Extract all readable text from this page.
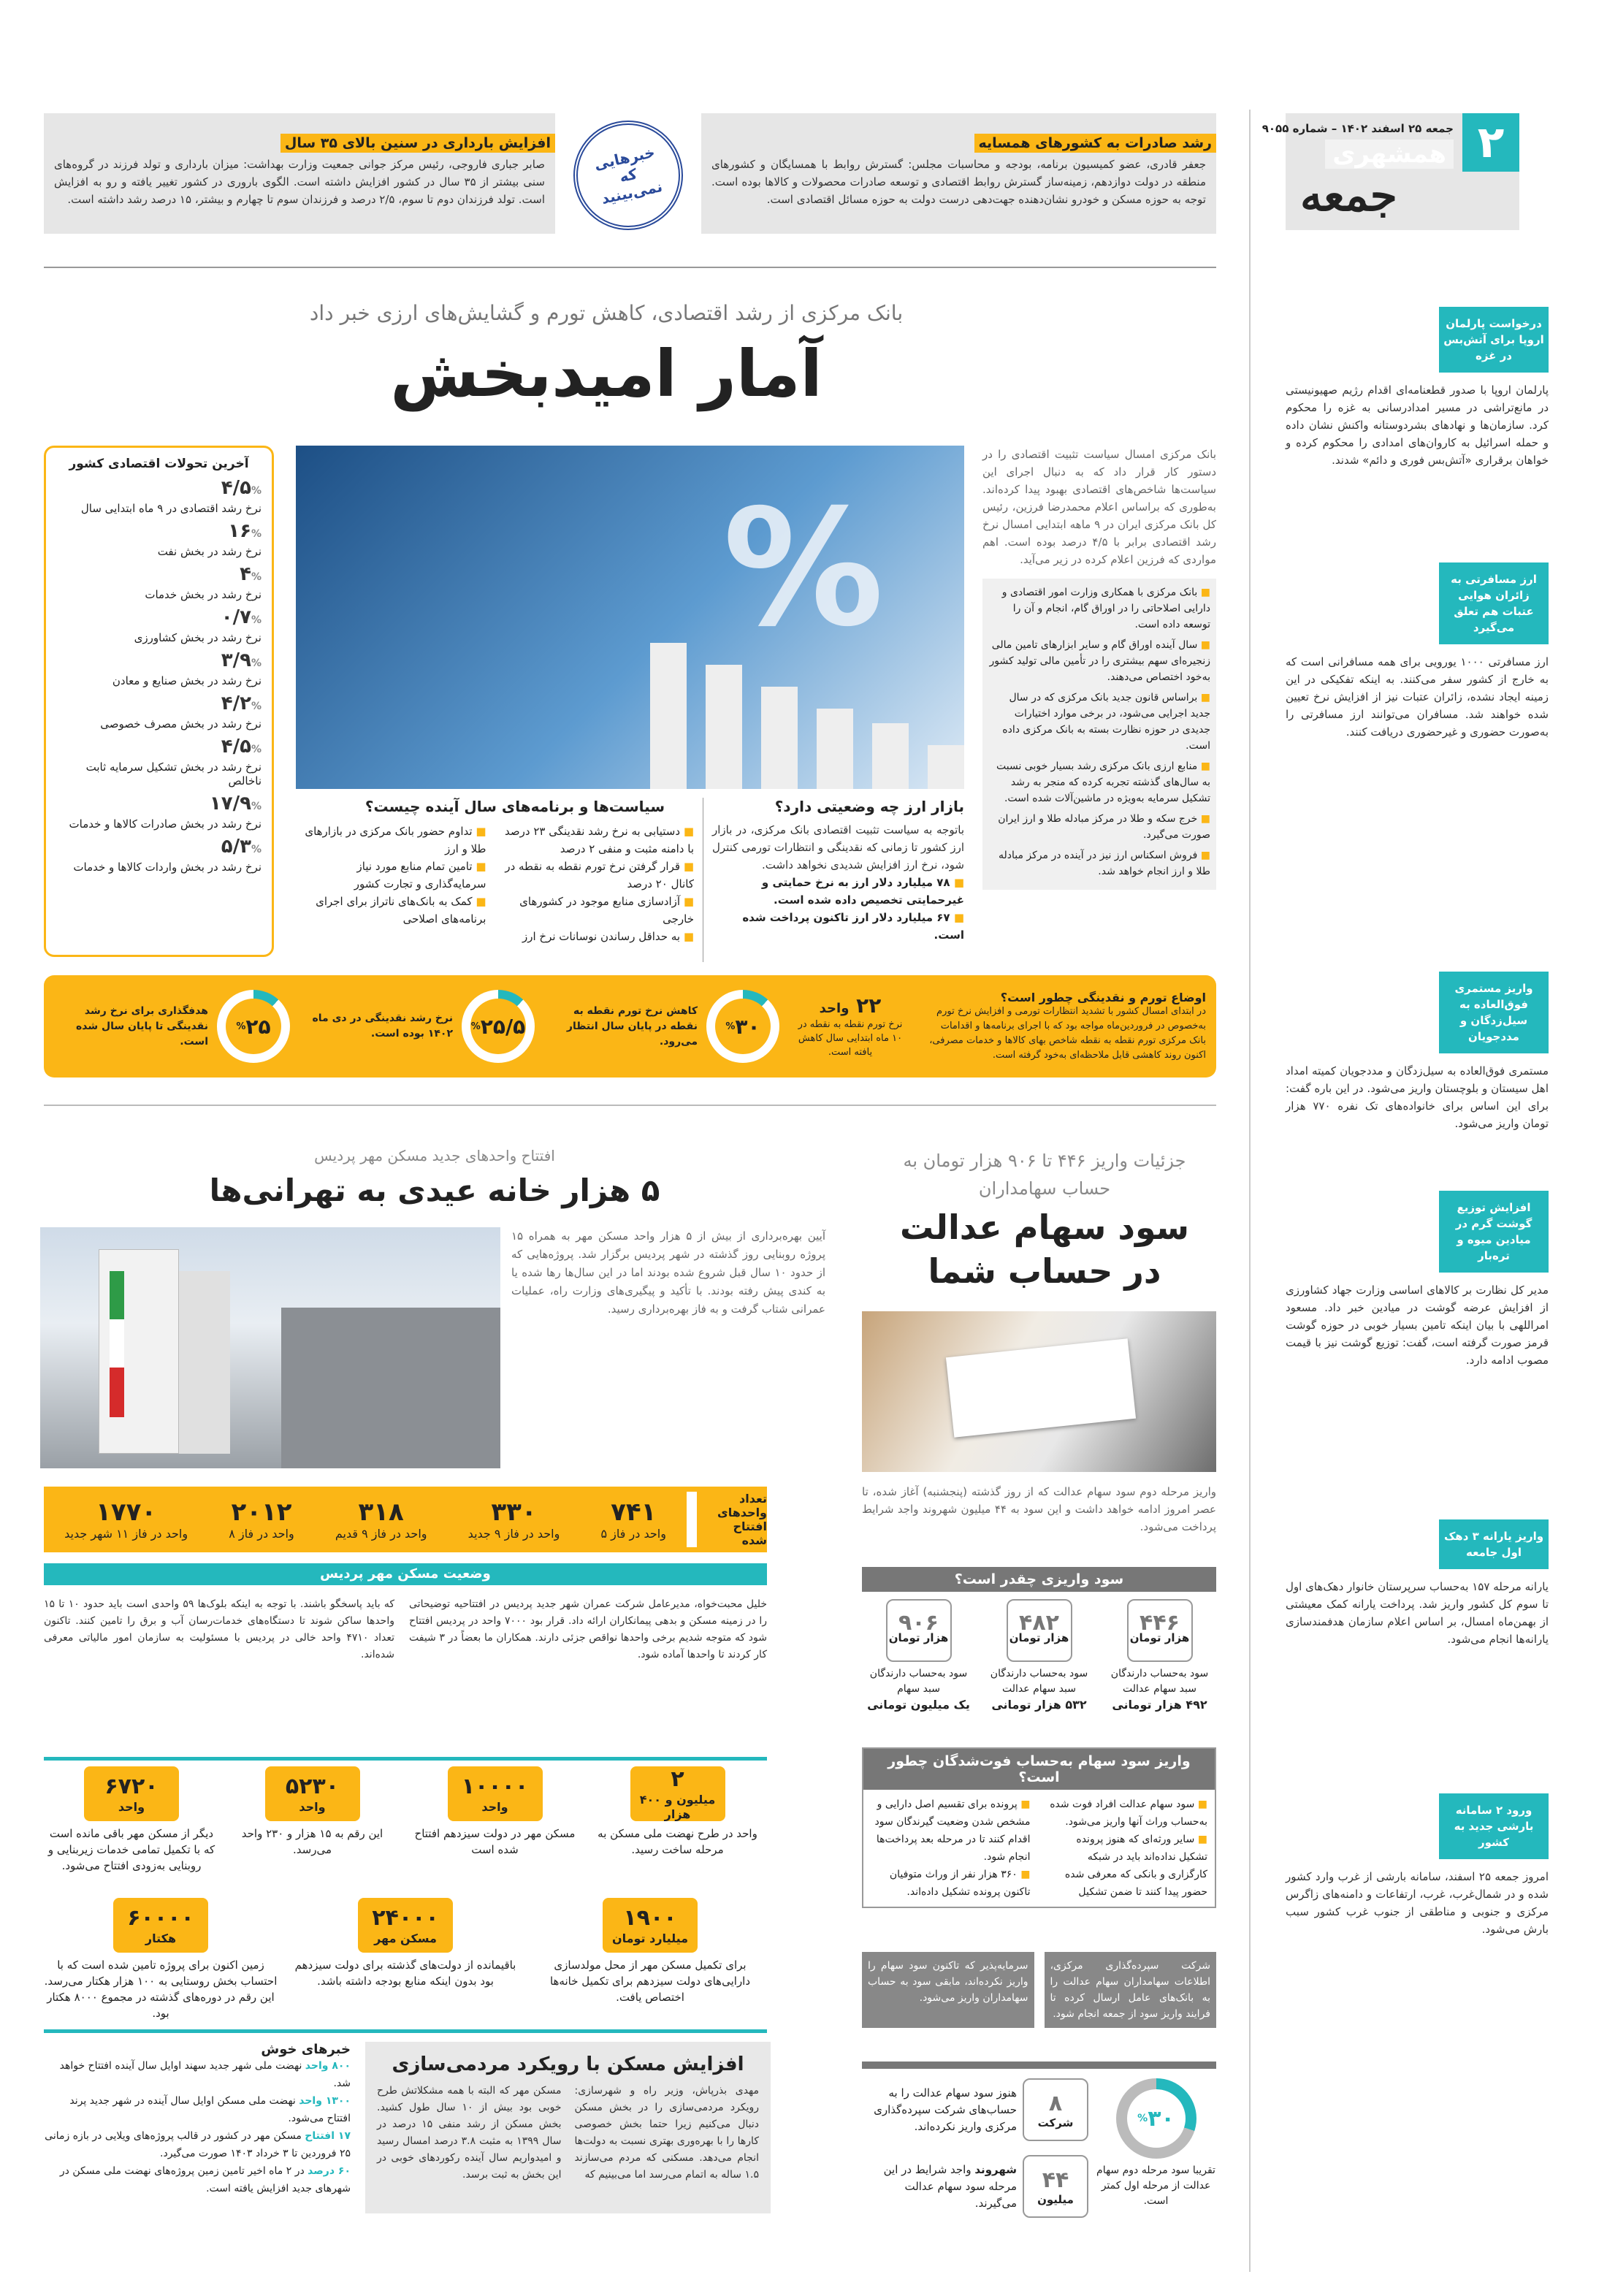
۲
جمعه ۲۵ اسفند ۱۴۰۲ – شماره ۹۰۵۵
همشهری
جمعه
رشد صادرات به کشورهای همسایه
جعفر قادری، عضو کمیسیون برنامه، بودجه و محاسبات مجلس: گسترش روابط با همسایگان و کشورهای منطقه در دولت دوازدهم، زمینه‌ساز گسترش روابط اقتصادی و توسعه صادرات محصولات و کالاها بوده است. توجه به حوزه مسکن و خودرو نشان‌دهنده جهت‌دهی درست دولت به حوزه مسائل اقتصادی است.
افزایش بارداری در سنین بالای ۳۵ سال
صابر جباری فاروجی، رئیس مرکز جوانی جمعیت وزارت بهداشت: میزان بارداری و تولد فرزند در گروه‌های سنی بیشتر از ۳۵ سال در کشور افزایش داشته است. الگوی باروری در کشور تغییر یافته و رو به افزایش است. تولد فرزندان دوم تا سوم، ۲/۵ درصد و فرزندان سوم تا چهارم و بیشتر، ۱۵ درصد رشد داشته است.
خبرهایی که نمی‌بینید
بانک مرکزی از رشد اقتصادی، کاهش تورم و گشایش‌های ارزی خبر داد
آمار امیدبخش
آخرین تحولات اقتصادی کشور
۴/۵%
نرخ رشد اقتصادی در ۹ ماه ابتدایی سال
۱۶%
نرخ رشد در بخش نفت
۴%
نرخ رشد در بخش خدمات
۰/۷%
نرخ رشد در بخش کشاورزی
۳/۹%
نرخ رشد در بخش صنایع و معادن
۴/۲%
نرخ رشد در بخش مصرف خصوصی
۴/۵%
نرخ رشد در بخش تشکیل سرمایه ثابت ناخالص
۱۷/۹%
نرخ رشد در بخش صادرات کالاها و خدمات
۵/۳%
نرخ رشد در بخش واردات کالاها و خدمات
%
بانک مرکزی امسال سیاست تثبیت اقتصادی را در دستور کار قرار داد که به دنبال اجرای این سیاست‌ها شاخص‌های اقتصادی بهبود پیدا کرده‌اند. به‌طوری که براساس اعلام محمدرضا فرزین، رئیس کل بانک مرکزی ایران در ۹ ماهه ابتدایی امسال نرخ رشد اقتصادی برابر با ۴/۵ درصد بوده است. اهم مواردی که فرزین اعلام کرده در زیر می‌آید.
■ بانک مرکزی با همکاری وزارت امور اقتصادی و دارایی اصلاحاتی را در اوراق گام، انجام و آن را توسعه داده است.
■ سال آینده اوراق گام و سایر ابزارهای تامین مالی زنجیره‌ای سهم بیشتری را در تأمین مالی تولید کشور به‌خود اختصاص می‌دهند.
■ براساس قانون جدید بانک مرکزی که در سال جدید اجرایی می‌شود، در برخی موارد اختیارات جدیدی در حوزه نظارت بسته به بانک مرکزی داده است.
■ منابع ارزی بانک مرکزی رشد بسیار خوبی نسبت به سال‌های گذشته تجربه کرده که منجر به رشد تشکیل سرمایه به‌ویژه در ماشین‌آلات شده است.
■ خرج سکه و طلا در مرکز مبادله طلا و ارز ایران صورت می‌گیرد.
■ فروش اسکناس ارز نیز در آینده در مرکز مبادله طلا و ارز انجام خواهد شد.
بازار ارز چه وضعیتی دارد؟
باتوجه به سیاست تثبیت اقتصادی بانک مرکزی، در بازار ارز کشور تا زمانی که نقدینگی و انتظارات تورمی کنترل شود، نرخ ارز افزایش شدیدی نخواهد داشت.
■ ۷۸ میلیارد دلار ارز به نرخ حمایتی و غیرحمایتی تخصیص داده شده است.
■ ۶۷ میلیارد دلار ارز تاکنون پرداخت شده است.
سیاست‌ها و برنامه‌های سال آینده چیست؟
■ دستیابی به نرخ رشد نقدینگی ۲۳ درصد با دامنه مثبت و منفی ۲ درصد
■ قرار گرفتن نرخ تورم نقطه به نقطه در کانال ۲۰ درصد
■ آزادسازی منابع موجود در کشورهای خارجی
■ به حداقل رساندن نوسانات نرخ ارز
■ تداوم حضور بانک مرکزی در بازارهای طلا و ارز
■ تامین تمام منابع مورد نیاز سرمایه‌گذاری و تجارت کشور
■ کمک به بانک‌های ناتراز برای اجرای برنامه‌های اصلاحی
اوضاع تورم و نقدینگی چطور است؟
در ابتدای امسال کشور با تشدید انتظارات تورمی و افزایش نرخ تورم به‌خصوص در فروردین‌ماه مواجه بود که با اجرای برنامه‌ها و اقدامات بانک مرکزی تورم نقطه به نقطه شاخص بهای کالاها و خدمات مصرفی، اکنون روند کاهشی قابل ملاحظه‌ای به‌خود گرفته است.
۲۲ واحد
نرخ تورم نقطه به نقطه در ۱۰ ماه ابتدایی سال کاهش یافته است.
۳۰
%
کاهش نرخ تورم نقطه به نقطه در پایان سال انتظار می‌رود.
۲۵/۵
%
نرخ رشد نقدینگی در دی ماه ۱۴۰۲ بوده است.
۲۵
%
هدفگذاری برای نرخ رشد نقدینگی تا پایان سال شده است.
افتتاح واحدهای جدید مسکن مهر پردیس
۵ هزار خانه عیدی به تهرانی‌ها
آیین بهره‌برداری از بیش از ۵ هزار واحد مسکن مهر به همراه ۱۵ پروژه روبنایی روز گذشته در شهر پردیس برگزار شد. پروژه‌هایی که از حدود ۱۰ سال قبل شروع شده بودند اما در این سال‌ها رها شده یا به کندی پیش رفته بودند. با تأکید و پیگیری‌های وزارت راه، عملیات عمرانی شتاب گرفت و به فاز بهره‌برداری رسید.
تعداد واحدهای افتتاح شده
۷۴۱
واحد در فاز ۵
۳۳۰
واحد در فاز ۹ جدید
۳۱۸
واحد در فاز ۹ قدیم
۲۰۱۲
واحد در فاز ۸
۱۷۷۰
واحد در فاز ۱۱ شهر جدید
وضعیت مسکن مهر پردیس
خلیل محبت‌خواه، مدیرعامل شرکت عمران شهر جدید پردیس در افتتاحیه توضیحاتی را در زمینه مسکن و بدهی پیمانکاران ارائه داد. قرار بود ۷۰۰۰ واحد در پردیس افتتاح شود که متوجه شدیم برخی واحدها نواقص جزئی دارند. همکاران ما بعضاً در ۳ شیفت کار کردند تا واحدها آماده شود.
که باید پاسخگو باشند. با توجه به اینکه بلوک‌ها ۵۹ واحدی است باید حدود ۱۰ تا ۱۵ واحدها ساکن شوند تا دستگاه‌های خدمات‌رسان آب و برق را تامین کنند. تاکنون تعداد ۴۷۱۰ واحد خالی در پردیس با مسئولیت به سازمان امور مالیاتی معرفی شده‌اند.
۲
میلیون و ۴۰۰ هزار
واحد در طرح نهضت ملی مسکن به مرحله ساخت رسید.
۱۰۰۰۰
واحد
مسکن مهر در دولت سیزدهم افتتاح شده است
۵۲۳۰
واحد
این رقم به ۱۵ هزار و ۲۳۰ واحد می‌رسد.
۶۷۲۰
واحد
دیگر از مسکن مهر باقی مانده است که با تکمیل تمامی خدمات زیربنایی و روبنایی به‌زودی افتتاح می‌شود.
۱۹۰۰
میلیارد تومان
برای تکمیل مسکن مهر از محل مولدسازی دارایی‌های دولت سیزدهم برای تکمیل خانه‌ها اختصاص یافت.
۲۴۰۰۰
مسکن مهر
باقیمانده از دولت‌های گذشته برای دولت سیزدهم بود بدون اینکه منابع بودجه داشته باشد.
۶۰۰۰۰
هکتار
زمین اکنون برای پروژه تامین شده است که با احتساب بخش روستایی به ۱۰۰ هزار هکتار می‌رسد. این رقم در دوره‌های گذشته در مجموع ۸۰۰۰ هکتار بود.
افزایش مسکن با رویکرد مردمی‌سازی
مهدی بذرپاش، وزیر راه و شهرسازی: رویکرد مردمی‌سازی را در بخش مسکن دنبال می‌کنیم زیرا حتما بخش خصوصی کارها را با بهره‌وری بهتری نسبت به دولت‌ها انجام می‌دهد. مسکنی که مردم می‌سازند ۱.۵ ساله به اتمام می‌رسد اما می‌بینیم که
مسکن مهر که البته با همه مشکلاتش طرح خوبی بود بیش از ۱۰ سال طول کشید. بخش مسکن از رشد منفی ۱۵ درصد در سال ۱۳۹۹ به مثبت ۳.۸ درصد امسال رسید و امیدواریم سال آینده رکوردهای خوبی در این بخش به ثبت برسد.
خبرهای خوش
۸۰۰ واحد نهضت ملی شهر جدید سهند اوایل سال آینده افتتاح خواهد شد.
۱۳۰۰ واحد نهضت ملی مسکن اوایل سال آینده در شهر جدید پرند افتتاح می‌شود.
۱۷ افتتاح مسکن مهر در کشور در قالب پروژه‌های ویلایی در بازه زمانی ۲۵ فروردین تا ۳ خرداد ۱۴۰۳ صورت می‌گیرد.
۶۰ درصد در ۲ ماه اخیر تامین زمین پروژه‌های نهضت ملی مسکن در شهرهای جدید افزایش یافته است.
جزئیات واریز ۴۴۶ تا ۹۰۶ هزار تومان به حساب سهامداران
سود سهام عدالت در حساب شما
واریز مرحله دوم سود سهام عدالت که از روز گذشته (پنجشنبه) آغاز شده، تا عصر امروز ادامه خواهد داشت و این سود به ۴۴ میلیون شهروند واجد شرایط پرداخت می‌شود.
سود واریزی چقدر است؟
۴۴۶
هزار تومان
سود به‌حساب دارندگان سبد سهام عدالت
۴۹۲ هزار تومانی
۴۸۲
هزار تومان
سود به‌حساب دارندگان سبد سهام عدالت
۵۳۲ هزار تومانی
۹۰۶
هزار تومان
سود به‌حساب دارندگان سبد سهام
یک میلیون تومانی
واریز سود سهام به‌حساب فوت‌شدگان چطور است؟
■ سود سهام عدالت افراد فوت شده به‌حساب وراث آنها واریز می‌شود.
■ سایر ورثه‌ای که هنوز پرونده تشکیل نداده‌اند باید در شبکه کارگزاری و بانکی که معرفی شده حضور پیدا کنند تا ضمن تشکیل
■ پرونده برای تقسیم اصل دارایی و مشخص شدن وضعیت گیرندگان سود اقدام کنند تا در مرحله بعد پرداخت‌ها انجام شود.
■ ۳۶۰ هزار نفر از وراث متوفیان تاکنون پرونده تشکیل داده‌اند.
شرکت سپرده‌گذاری مرکزی، اطلاعات سهامداران سهام عدالت را به بانک‌های عامل ارسال کرده تا فرایند واریز سود از جمعه انجام شود.
سرمایه‌پذیر که تاکنون سود سهام را واریز نکرده‌اند، مابقی سود به حساب سهامداران واریز می‌شود.
۳۰
%
تقریبا سود مرحله دوم سهام عدالت از مرحله اول کمتر است.
۸
شرکت
هنوز سود سهام عدالت را به حساب‌های شرکت سپرده‌گذاری مرکزی واریز نکرده‌اند.
۴۴
میلیون
شهروند واجد شرایط در این مرحله سود سهام عدالت می‌گیرند.
درخواست پارلمان اروپا برای آتش‌بس در غزه
پارلمان اروپا با صدور قطعنامه‌ای اقدام رژیم صهیونیستی در مانع‌تراشی در مسیر امدادرسانی به غزه را محکوم کرد. سازمان‌ها و نهادهای بشردوستانه واکنش نشان داده و حمله اسرائیل به کاروان‌های امدادی را محکوم کرده و خواهان برقراری «آتش‌بس فوری و دائم» شدند.
ارز مسافرتی به زائران هوایی عتبات هم تعلق می‌گیرد
ارز مسافرتی ۱۰۰۰ یورویی برای همه مسافرانی است که به خارج از کشور سفر می‌کنند. به اینکه تفکیکی در این زمینه ایجاد نشده، زائران عتبات نیز از افزایش نرخ تعیین شده خواهند شد. مسافران می‌توانند ارز مسافرتی را به‌صورت حضوری و غیرحضوری دریافت کنند.
واریز مستمری فوق‌العاده به سیل‌زدگان و مددجویان
مستمری فوق‌العاده به سیل‌زدگان و مددجویان کمیته امداد اهل سیستان و بلوچستان واریز می‌شود. در این باره گفت: برای این اساس برای خانواده‌های تک نفره ۷۷۰ هزار تومان واریز می‌شود.
افزایش توزیع گوشت گرم در میادین میوه و تره‌بار
مدیر کل نظارت بر کالاهای اساسی وزارت جهاد کشاورزی از افزایش عرضه گوشت در میادین خبر داد. مسعود امراللهی با بیان اینکه تامین بسیار خوبی در حوزه گوشت قرمز صورت گرفته است، گفت: توزیع گوشت نیز با قیمت مصوب ادامه دارد.
واریز یارانه ۳ دهک اول جامعه
یارانه مرحله ۱۵۷ به‌حساب سرپرستان خانوار دهک‌های اول تا سوم کل کشور واریز شد. پرداخت یارانه کمک معیشتی از بهمن‌ماه امسال، بر اساس اعلام سازمان هدفمندسازی یارانه‌ها انجام می‌شود.
ورود ۲ سامانه بارشی جدید به کشور
امروز جمعه ۲۵ اسفند، سامانه بارشی از غرب وارد کشور شده و در شمال‌غرب، غرب، ارتفاعات و دامنه‌های زاگرس مرکزی و جنوبی و مناطقی از جنوب غرب کشور سبب بارش می‌شود.
